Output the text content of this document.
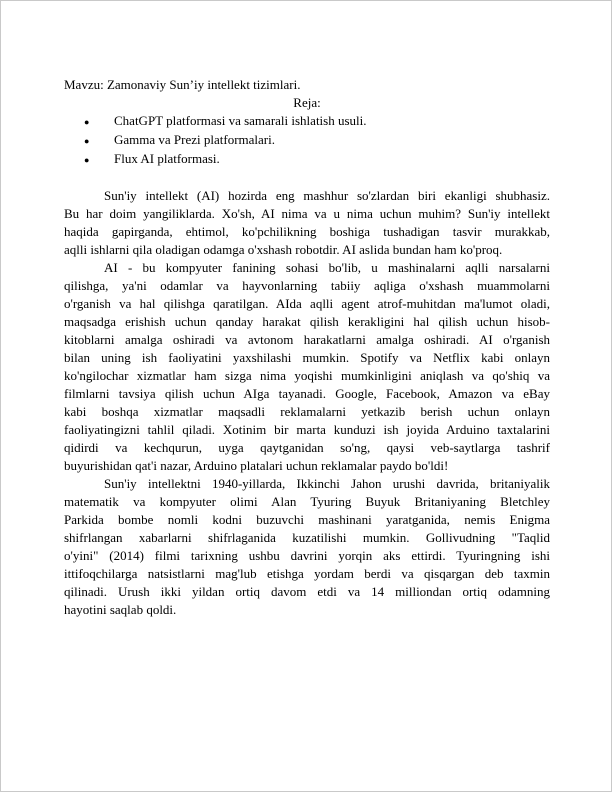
Mavzu: Zamonaviy Sun’iy intellekt tizimlari.
Reja:
●	ChatGPT platformasi va samarali ishlatish usuli.
●	Gamma va Prezi platformalari.
●	Flux AI platformasi.
Sun'iy intellekt (AI) hozirda eng mashhur so'zlardan biri ekanligi shubhasiz.
Bu har doim yangiliklarda. Xo'sh, AI nima va u nima uchun muhim? Sun'iy intellekt
haqida gapirganda, ehtimol, ko'pchilikning boshiga tushadigan tasvir murakkab,
aqlli ishlarni qila oladigan odamga o'xshash robotdir. AI aslida bundan ham ko'proq.
AI - bu kompyuter fanining sohasi bo'lib, u mashinalarni aqlli narsalarni
qilishga, ya'ni odamlar va hayvonlarning tabiiy aqliga o'xshash muammolarni
o'rganish va hal qilishga qaratilgan. AIda aqlli agent atrof-muhitdan ma'lumot oladi,
maqsadga erishish uchun qanday harakat qilish kerakligini hal qilish uchun hisob-
kitoblarni amalga oshiradi va avtonom harakatlarni amalga oshiradi. AI o'rganish
bilan uning ish faoliyatini yaxshilashi mumkin. Spotify va Netflix kabi onlayn
ko'ngilochar xizmatlar ham sizga nima yoqishi mumkinligini aniqlash va qo'shiq va
filmlarni tavsiya qilish uchun AIga tayanadi. Google, Facebook, Amazon va eBay
kabi boshqa xizmatlar maqsadli reklamalarni yetkazib berish uchun onlayn
faoliyatingizni tahlil qiladi. Xotinim bir marta kunduzi ish joyida Arduino taxtalarini
qidirdi va kechqurun, uyga qaytganidan so'ng, qaysi veb-saytlarga tashrif
buyurishidan qat'i nazar, Arduino platalari uchun reklamalar paydo bo'ldi!
Sun'iy intellektni 1940-yillarda, Ikkinchi Jahon urushi davrida, britaniyalik
matematik va kompyuter olimi Alan Tyuring Buyuk Britaniyaning Bletchley
Parkida bombe nomli kodni buzuvchi mashinani yaratganida, nemis Enigma
shifrlangan xabarlarni shifrlaganida kuzatilishi mumkin. Gollivudning "Taqlid
o'yini" (2014) filmi tarixning ushbu davrini yorqin aks ettirdi. Tyuringning ishi
ittifoqchilarga natsistlarni mag'lub etishga yordam berdi va qisqargan deb taxmin
qilinadi. Urush ikki yildan ortiq davom etdi va 14 milliondan ortiq odamning
hayotini saqlab qoldi.
